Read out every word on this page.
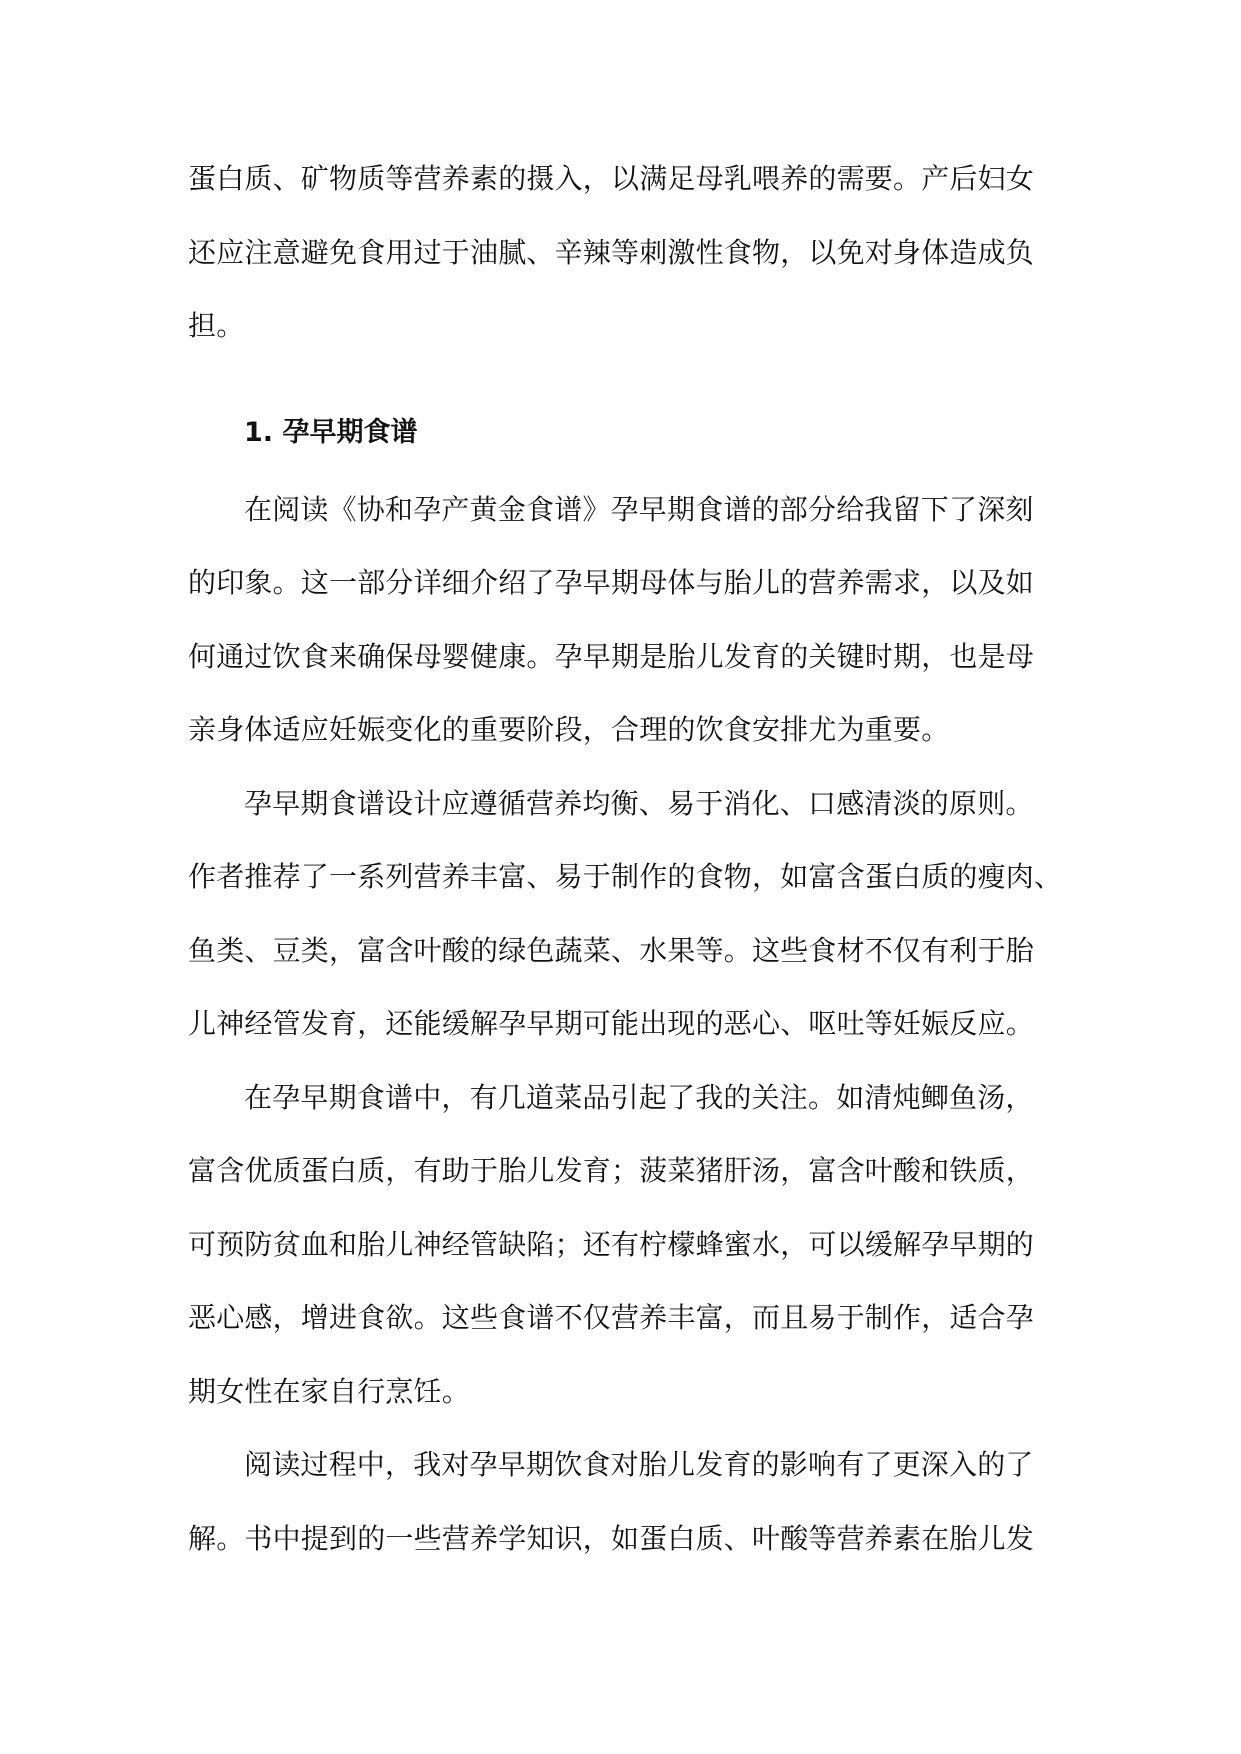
蛋白质、矿物质等营养素的摄入，以满足母乳喂养的需要。产后妇女
还应注意避免食用过于油腻、辛辣等刺激性食物，以免对身体造成负
担。
1. 孕早期食谱
在阅读《协和孕产黄金食谱》孕早期食谱的部分给我留下了深刻
的印象。这一部分详细介绍了孕早期母体与胎儿的营养需求，以及如
何通过饮食来确保母婴健康。孕早期是胎儿发育的关键时期，也是母
亲身体适应妊娠变化的重要阶段，合理的饮食安排尤为重要。
孕早期食谱设计应遵循营养均衡、易于消化、口感清淡的原则。
作者推荐了一系列营养丰富、易于制作的食物，如富含蛋白质的瘦肉、
鱼类、豆类，富含叶酸的绿色蔬菜、水果等。这些食材不仅有利于胎
儿神经管发育，还能缓解孕早期可能出现的恶心、呕吐等妊娠反应。
在孕早期食谱中，有几道菜品引起了我的关注。如清炖鲫鱼汤，
富含优质蛋白质，有助于胎儿发育；菠菜猪肝汤，富含叶酸和铁质，
可预防贫血和胎儿神经管缺陷；还有柠檬蜂蜜水，可以缓解孕早期的
恶心感，增进食欲。这些食谱不仅营养丰富，而且易于制作，适合孕
期女性在家自行烹饪。
阅读过程中，我对孕早期饮食对胎儿发育的影响有了更深入的了
解。书中提到的一些营养学知识，如蛋白质、叶酸等营养素在胎儿发
